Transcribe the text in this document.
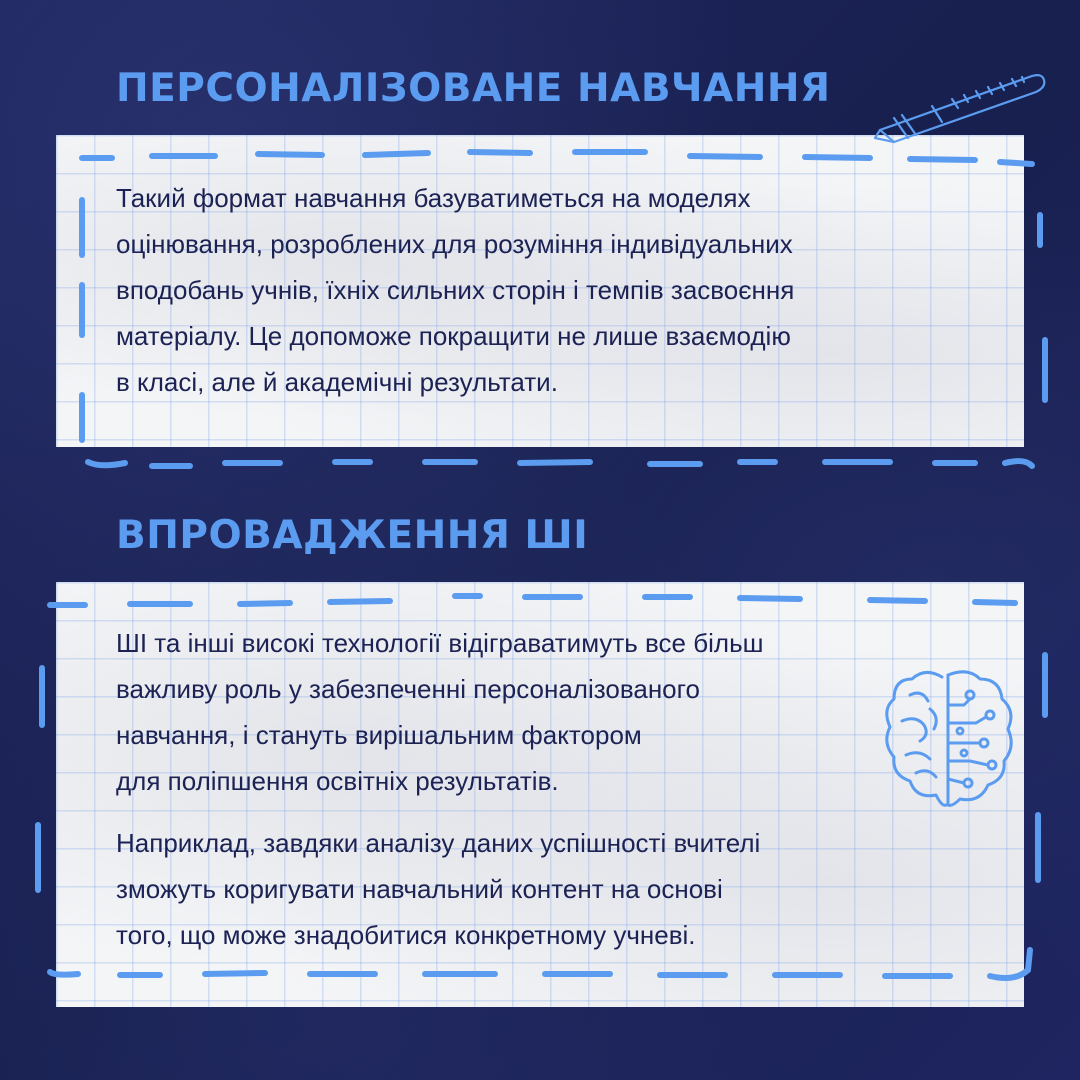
ПЕРСОНАЛІЗОВАНЕ НАВЧАННЯ

Такий формат навчання базуватиметься на моделях
оцінювання, розроблених для розуміння індивідуальних
вподобань учнів, їхніх сильних сторін і темпів засвоєння
матеріалу. Це допоможе покращити не лише взаємодію
в класі, але й академічні результати.

ВПРОВАДЖЕННЯ ШІ

ШІ та інші високі технології відіграватимуть все більш
важливу роль у забезпеченні персоналізованого
навчання, і стануть вирішальним фактором
для поліпшення освітніх результатів.

Наприклад, завдяки аналізу даних успішності вчителі
зможуть коригувати навчальний контент на основі
того, що може знадобитися конкретному учневі.
